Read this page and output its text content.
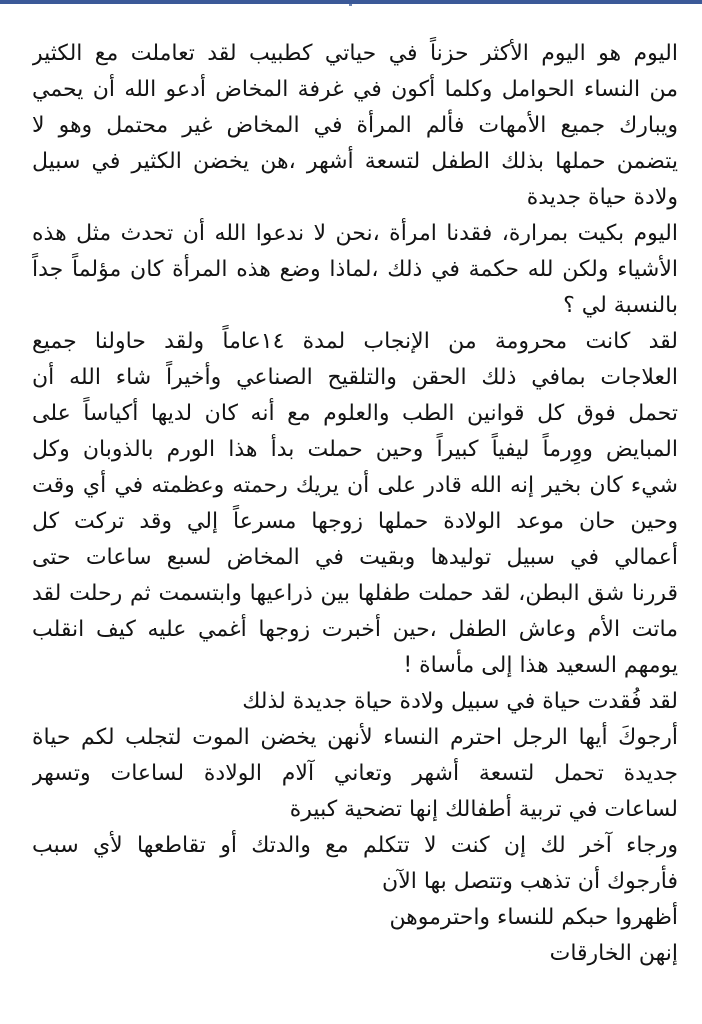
اليوم هو اليوم الأكثر حزناً في حياتي كطبيب لقد تعاملت مع الكثير
من النساء الحوامل وكلما أكون في غرفة المخاض أدعو الله أن يحمي
ويبارك جميع الأمهات فألم المرأة في المخاض غير محتمل وهو لا
يتضمن حملها بذلك الطفل لتسعة أشهر ،هن يخضن الكثير في سبيل
ولادة حياة جديدة
اليوم بكيت بمرارة، فقدنا امرأة ،نحن لا ندعوا الله أن تحدث مثل هذه
الأشياء ولكن لله حكمة في ذلك ،لماذا وضع هذه المرأة كان مؤلماً جداً
بالنسبة لي ؟
لقد كانت محرومة من الإنجاب لمدة ١٤عاماً ولقد حاولنا جميع
العلاجات بمافي ذلك الحقن والتلقيح الصناعي وأخيراً شاء الله أن
تحمل فوق كل قوانين الطب والعلوم مع أنه كان لديها أكياساً على
المبايض ووِرماً ليفياً كبيراً وحين حملت بدأ هذا الورم بالذوبان وكل
شيء كان بخير إنه الله قادر على أن يريك رحمته وعظمته في أي وقت
وحين حان موعد الولادة حملها زوجها مسرعاً إلي وقد تركت كل
أعمالي في سبيل توليدها وبقيت في المخاض لسبع ساعات حتى
قررنا شق البطن، لقد حملت طفلها بين ذراعيها وابتسمت ثم رحلت لقد
ماتت الأم وعاش الطفل ،حين أخبرت زوجها أغمي عليه كيف انقلب
يومهم السعيد هذا إلى مأساة !
لقد فُقدت حياة في سبيل ولادة حياة جديدة لذلك
أرجوكَ أيها الرجل احترم النساء لأنهن يخضن الموت لتجلب لكم حياة
جديدة تحمل لتسعة أشهر وتعاني آلام الولادة لساعات وتسهر
لساعات في تربية أطفالك إنها تضحية كبيرة
ورجاء آخر لك إن كنت لا تتكلم مع والدتك أو تقاطعها لأي سبب
فأرجوك أن تذهب وتتصل بها الآن
أظهروا حبكم للنساء واحترموهن
إنهن الخارقات
